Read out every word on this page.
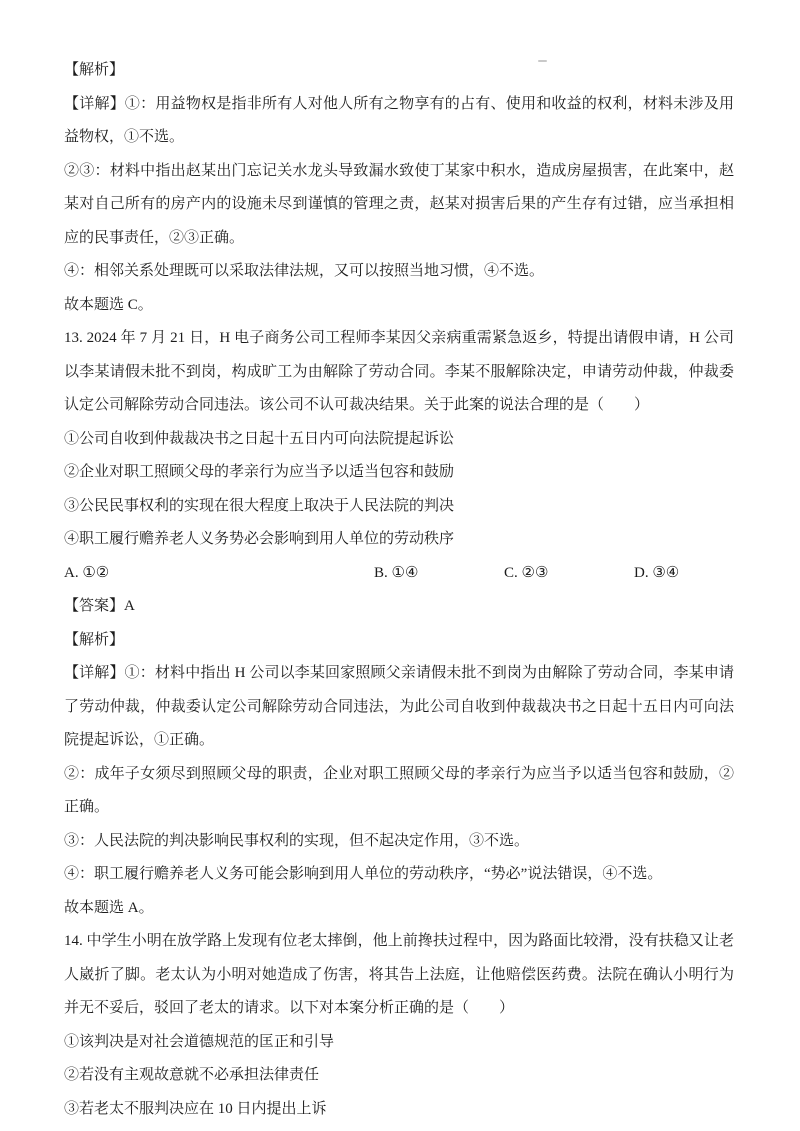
【解析】
【详解】①：用益物权是指非所有人对他人所有之物享有的占有、使用和收益的权利，材料未涉及用益物权，①不选。
②③：材料中指出赵某出门忘记关水龙头导致漏水致使丁某家中积水，造成房屋损害，在此案中，赵某对自己所有的房产内的设施未尽到谨慎的管理之责，赵某对损害后果的产生存有过错，应当承担相应的民事责任，②③正确。
④：相邻关系处理既可以采取法律法规，又可以按照当地习惯，④不选。
故本题选 C。
13. 2024 年 7 月 21 日，H 电子商务公司工程师李某因父亲病重需紧急返乡，特提出请假申请，H 公司以李某请假未批不到岗，构成旷工为由解除了劳动合同。李某不服解除决定，申请劳动仲裁，仲裁委认定公司解除劳动合同违法。该公司不认可裁决结果。关于此案的说法合理的是（　　）
①公司自收到仲裁裁决书之日起十五日内可向法院提起诉讼
②企业对职工照顾父母的孝亲行为应当予以适当包容和鼓励
③公民民事权利的实现在很大程度上取决于人民法院的判决
④职工履行赡养老人义务势必会影响到用人单位的劳动秩序
A. ①②	B. ①④	C. ②③	D. ③④
【答案】A
【解析】
【详解】①：材料中指出 H 公司以李某回家照顾父亲请假未批不到岗为由解除了劳动合同，李某申请了劳动仲裁，仲裁委认定公司解除劳动合同违法，为此公司自收到仲裁裁决书之日起十五日内可向法院提起诉讼，①正确。
②：成年子女须尽到照顾父母的职责，企业对职工照顾父母的孝亲行为应当予以适当包容和鼓励，②正确。
③：人民法院的判决影响民事权利的实现，但不起决定作用，③不选。
④：职工履行赡养老人义务可能会影响到用人单位的劳动秩序，“势必”说法错误，④不选。
故本题选 A。
14. 中学生小明在放学路上发现有位老太摔倒，他上前搀扶过程中，因为路面比较滑，没有扶稳又让老人崴折了脚。老太认为小明对她造成了伤害，将其告上法庭，让他赔偿医药费。法院在确认小明行为并无不妥后，驳回了老太的请求。以下对本案分析正确的是（　　）
①该判决是对社会道德规范的匡正和引导
②若没有主观故意就不必承担法律责任
③若老太不服判决应在 10 日内提出上诉
